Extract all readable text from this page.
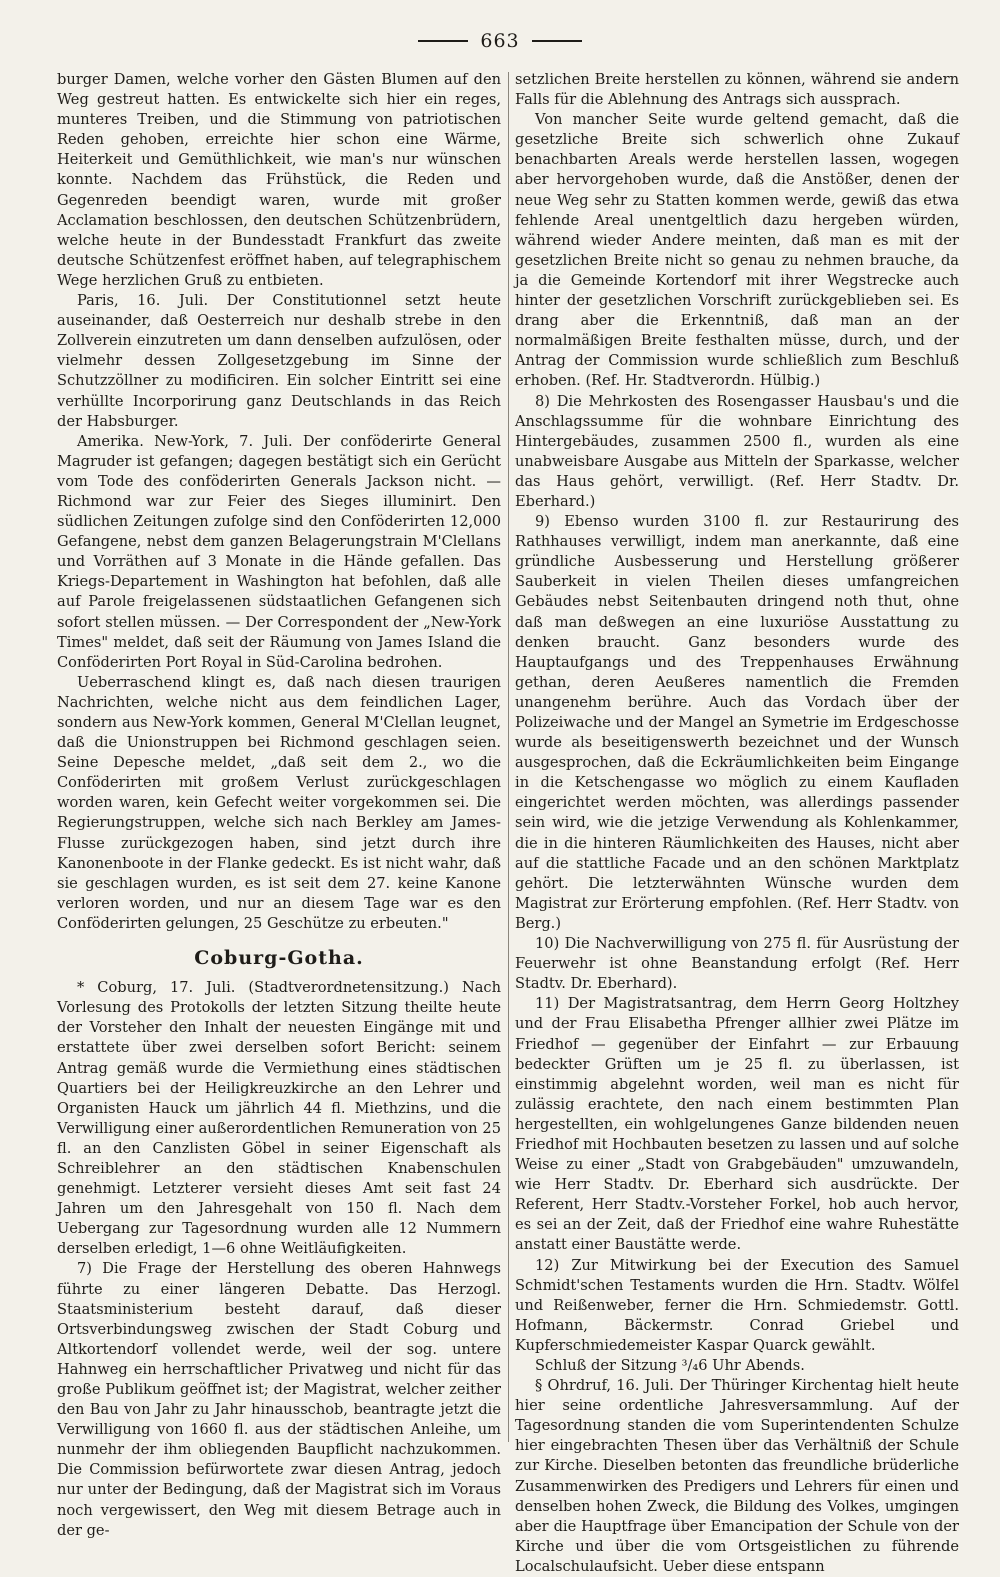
663

burger Damen, welche vorher den Gästen Blumen auf den Weg gestreut hatten. Es entwickelte sich hier ein reges, munteres Treiben, und die Stimmung von patriotischen Reden gehoben, erreichte hier schon eine Wärme, Heiterkeit und Gemüthlichkeit, wie man's nur wünschen konnte. Nachdem das Frühstück, die Reden und Gegenreden beendigt waren, wurde mit großer Acclamation beschlossen, den deutschen Schützenbrüdern, welche heute in der Bundesstadt Frankfurt das zweite deutsche Schützenfest eröffnet haben, auf telegraphischem Wege herzlichen Gruß zu entbieten.

Paris, 16. Juli. Der Constitutionnel setzt heute auseinander, daß Oesterreich nur deshalb strebe in den Zollverein einzutreten um dann denselben aufzulösen, oder vielmehr dessen Zollgesetzgebung im Sinne der Schutzzöllner zu modificiren. Ein solcher Eintritt sei eine verhüllte Incorporirung ganz Deutschlands in das Reich der Habsburger.

Amerika. New-York, 7. Juli. Der conföderirte General Magruder ist gefangen; dagegen bestätigt sich ein Gerücht vom Tode des conföderirten Generals Jackson nicht. — Richmond war zur Feier des Sieges illuminirt. Den südlichen Zeitungen zufolge sind den Conföderirten 12,000 Gefangene, nebst dem ganzen Belagerungstrain M'Clellans und Vorräthen auf 3 Monate in die Hände gefallen. Das Kriegs-Departement in Washington hat befohlen, daß alle auf Parole freigelassenen südstaatlichen Gefangenen sich sofort stellen müssen. — Der Correspondent der „New-York Times" meldet, daß seit der Räumung von James Island die Conföderirten Port Royal in Süd-Carolina bedrohen.

Ueberraschend klingt es, daß nach diesen traurigen Nachrichten, welche nicht aus dem feindlichen Lager, sondern aus New-York kommen, General M'Clellan leugnet, daß die Unionstruppen bei Richmond geschlagen seien. Seine Depesche meldet, „daß seit dem 2., wo die Conföderirten mit großem Verlust zurückgeschlagen worden waren, kein Gefecht weiter vorgekommen sei. Die Regierungstruppen, welche sich nach Berkley am James-Flusse zurückgezogen haben, sind jetzt durch ihre Kanonenboote in der Flanke gedeckt. Es ist nicht wahr, daß sie geschlagen wurden, es ist seit dem 27. keine Kanone verloren worden, und nur an diesem Tage war es den Conföderirten gelungen, 25 Geschütze zu erbeuten."

Coburg-Gotha.

* Coburg, 17. Juli. (Stadtverordnetensitzung.) Nach Vorlesung des Protokolls der letzten Sitzung theilte heute der Vorsteher den Inhalt der neuesten Eingänge mit und erstattete über zwei derselben sofort Bericht: seinem Antrag gemäß wurde die Vermiethung eines städtischen Quartiers bei der Heiligkreuzkirche an den Lehrer und Organisten Hauck um jährlich 44 fl. Miethzins, und die Verwilligung einer außerordentlichen Remuneration von 25 fl. an den Canzlisten Göbel in seiner Eigenschaft als Schreiblehrer an den städtischen Knabenschulen genehmigt. Letzterer versieht dieses Amt seit fast 24 Jahren um den Jahresgehalt von 150 fl. Nach dem Uebergang zur Tagesordnung wurden alle 12 Nummern derselben erledigt, 1—6 ohne Weitläufigkeiten.

7) Die Frage der Herstellung des oberen Hahnwegs führte zu einer längeren Debatte. Das Herzogl. Staatsministerium besteht darauf, daß dieser Ortsverbindungsweg zwischen der Stadt Coburg und Altkortendorf vollendet werde, weil der sog. untere Hahnweg ein herrschaftlicher Privatweg und nicht für das große Publikum geöffnet ist; der Magistrat, welcher zeither den Bau von Jahr zu Jahr hinausschob, beantragte jetzt die Verwilligung von 1660 fl. aus der städtischen Anleihe, um nunmehr der ihm obliegenden Baupflicht nachzukommen. Die Commission befürwortete zwar diesen Antrag, jedoch nur unter der Bedingung, daß der Magistrat sich im Voraus noch vergewissert, den Weg mit diesem Betrage auch in der ge-

setzlichen Breite herstellen zu können, während sie andern Falls für die Ablehnung des Antrags sich aussprach.

Von mancher Seite wurde geltend gemacht, daß die gesetzliche Breite sich schwerlich ohne Zukauf benachbarten Areals werde herstellen lassen, wogegen aber hervorgehoben wurde, daß die Anstößer, denen der neue Weg sehr zu Statten kommen werde, gewiß das etwa fehlende Areal unentgeltlich dazu hergeben würden, während wieder Andere meinten, daß man es mit der gesetzlichen Breite nicht so genau zu nehmen brauche, da ja die Gemeinde Kortendorf mit ihrer Wegstrecke auch hinter der gesetzlichen Vorschrift zurückgeblieben sei. Es drang aber die Erkenntniß, daß man an der normalmäßigen Breite festhalten müsse, durch, und der Antrag der Commission wurde schließlich zum Beschluß erhoben. (Ref. Hr. Stadtverordn. Hülbig.)

8) Die Mehrkosten des Rosengasser Hausbau's und die Anschlagssumme für die wohnbare Einrichtung des Hintergebäudes, zusammen 2500 fl., wurden als eine unabweisbare Ausgabe aus Mitteln der Sparkasse, welcher das Haus gehört, verwilligt. (Ref. Herr Stadtv. Dr. Eberhard.)

9) Ebenso wurden 3100 fl. zur Restaurirung des Rathhauses verwilligt, indem man anerkannte, daß eine gründliche Ausbesserung und Herstellung größerer Sauberkeit in vielen Theilen dieses umfangreichen Gebäudes nebst Seitenbauten dringend noth thut, ohne daß man deßwegen an eine luxuriöse Ausstattung zu denken braucht. Ganz besonders wurde des Hauptaufgangs und des Treppenhauses Erwähnung gethan, deren Aeußeres namentlich die Fremden unangenehm berühre. Auch das Vordach über der Polizeiwache und der Mangel an Symetrie im Erdgeschosse wurde als beseitigenswerth bezeichnet und der Wunsch ausgesprochen, daß die Eckräumlichkeiten beim Eingange in die Ketschengasse wo möglich zu einem Kaufladen eingerichtet werden möchten, was allerdings passender sein wird, wie die jetzige Verwendung als Kohlenkammer, die in die hinteren Räumlichkeiten des Hauses, nicht aber auf die stattliche Facade und an den schönen Marktplatz gehört. Die letzterwähnten Wünsche wurden dem Magistrat zur Erörterung empfohlen. (Ref. Herr Stadtv. von Berg.)

10) Die Nachverwilligung von 275 fl. für Ausrüstung der Feuerwehr ist ohne Beanstandung erfolgt (Ref. Herr Stadtv. Dr. Eberhard).

11) Der Magistratsantrag, dem Herrn Georg Holtzhey und der Frau Elisabetha Pfrenger allhier zwei Plätze im Friedhof — gegenüber der Einfahrt — zur Erbauung bedeckter Grüften um je 25 fl. zu überlassen, ist einstimmig abgelehnt worden, weil man es nicht für zulässig erachtete, den nach einem bestimmten Plan hergestellten, ein wohlgelungenes Ganze bildenden neuen Friedhof mit Hochbauten besetzen zu lassen und auf solche Weise zu einer „Stadt von Grabgebäuden" umzuwandeln, wie Herr Stadtv. Dr. Eberhard sich ausdrückte. Der Referent, Herr Stadtv.-Vorsteher Forkel, hob auch hervor, es sei an der Zeit, daß der Friedhof eine wahre Ruhestätte anstatt einer Baustätte werde.

12) Zur Mitwirkung bei der Execution des Samuel Schmidt'schen Testaments wurden die Hrn. Stadtv. Wölfel und Reißenweber, ferner die Hrn. Schmiedemstr. Gottl. Hofmann, Bäckermstr. Conrad Griebel und Kupferschmiedemeister Kaspar Quarck gewählt.

Schluß der Sitzung ³/₄6 Uhr Abends.

§ Ohrdruf, 16. Juli. Der Thüringer Kirchentag hielt heute hier seine ordentliche Jahresversammlung. Auf der Tagesordnung standen die vom Superintendenten Schulze hier eingebrachten Thesen über das Verhältniß der Schule zur Kirche. Dieselben betonten das freundliche brüderliche Zusammenwirken des Predigers und Lehrers für einen und denselben hohen Zweck, die Bildung des Volkes, umgingen aber die Hauptfrage über Emancipation der Schule von der Kirche und über die vom Ortsgeistlichen zu führende Localschulaufsicht. Ueber diese entspann
